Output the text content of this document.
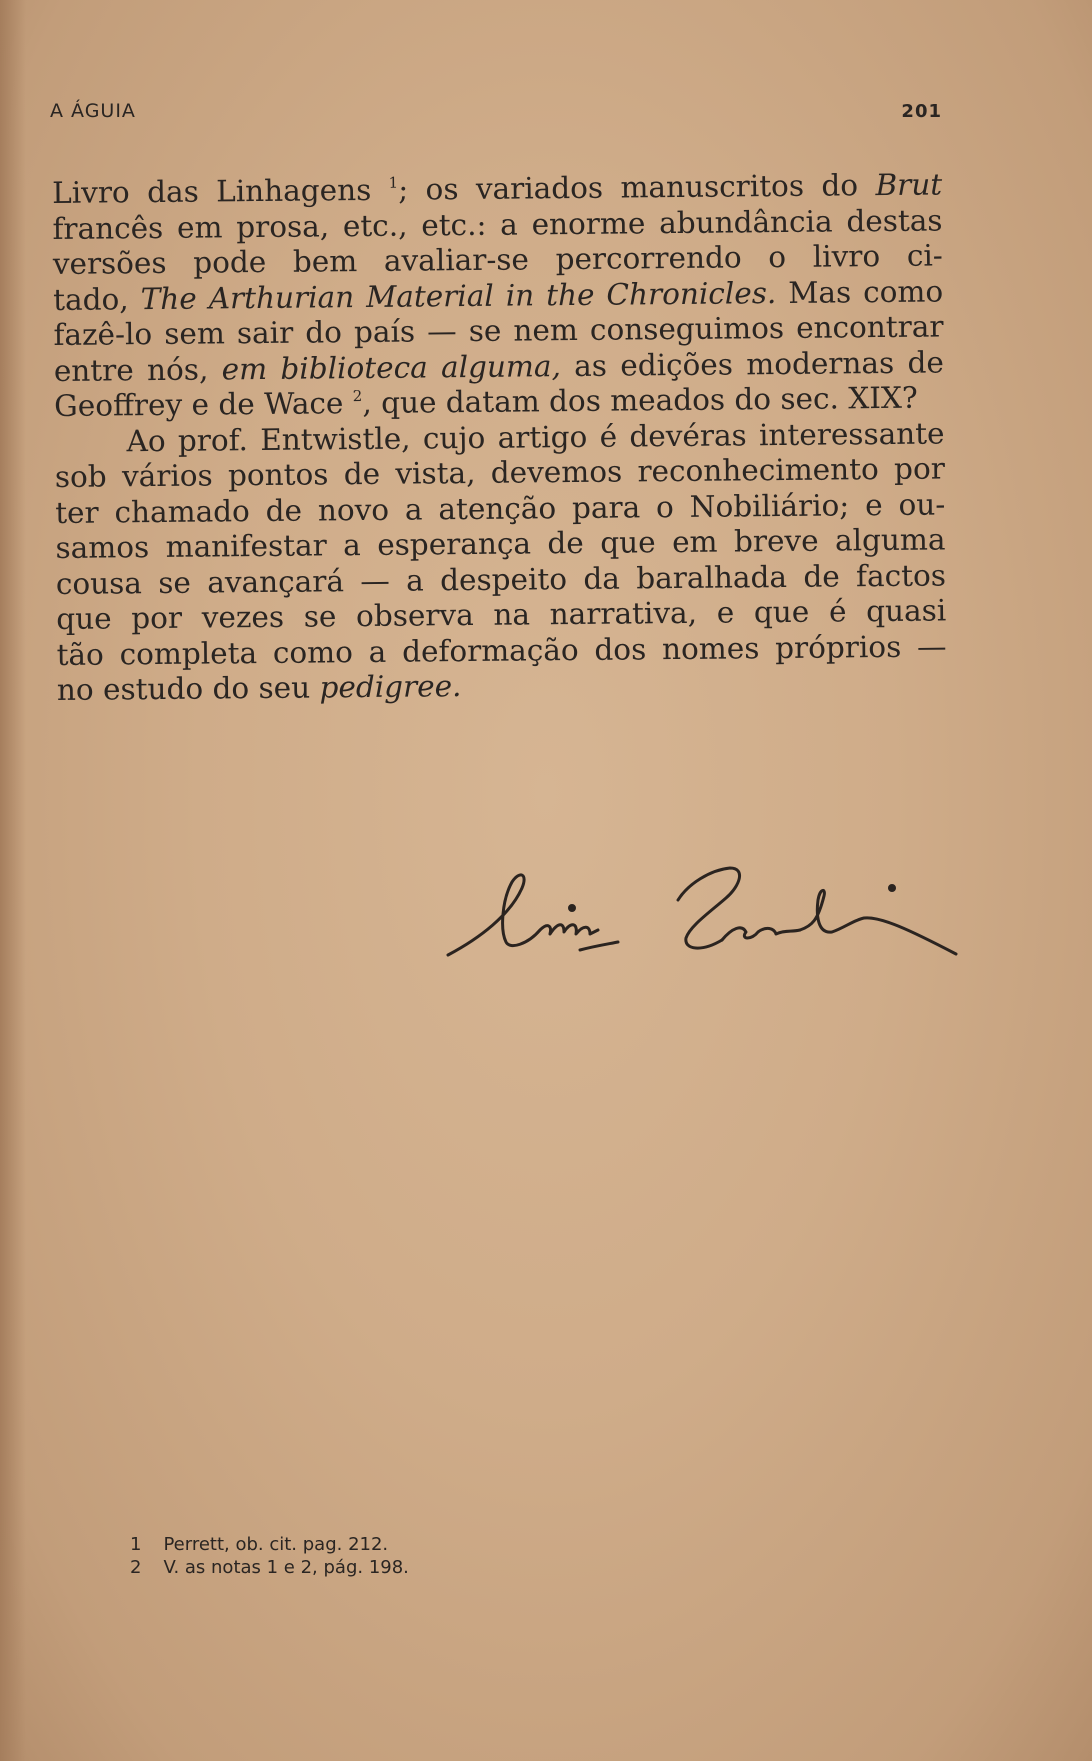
A ÁGUIA	201
Livro das Linhagens $^1$; os variados manuscritos do Brut
francês em prosa, etc., etc.: a enorme abundância destas
versões pode bem avaliar-se percorrendo o livro ci-
tado, The Arthurian Material in the Chronicles. Mas como
fazê-lo sem sair do país — se nem conseguimos encontrar
entre nós, em biblioteca alguma, as edições modernas de
Geoffrey e de Wace $^2$, que datam dos meados do sec. XIX?
Ao prof. Entwistle, cujo artigo é devéras interessante
sob vários pontos de vista, devemos reconhecimento por
ter chamado de novo a atenção para o Nobiliário; e ou-
samos manifestar a esperança de que em breve alguma
cousa se avançará — a despeito da baralhada de factos
que por vezes se observa na narrativa, e que é quasi
tão completa como a deformação dos nomes próprios —
no estudo do seu pedigree.
1 Perrett, ob. cit. pag. 212.
2 V. as notas 1 e 2, pág. 198.
